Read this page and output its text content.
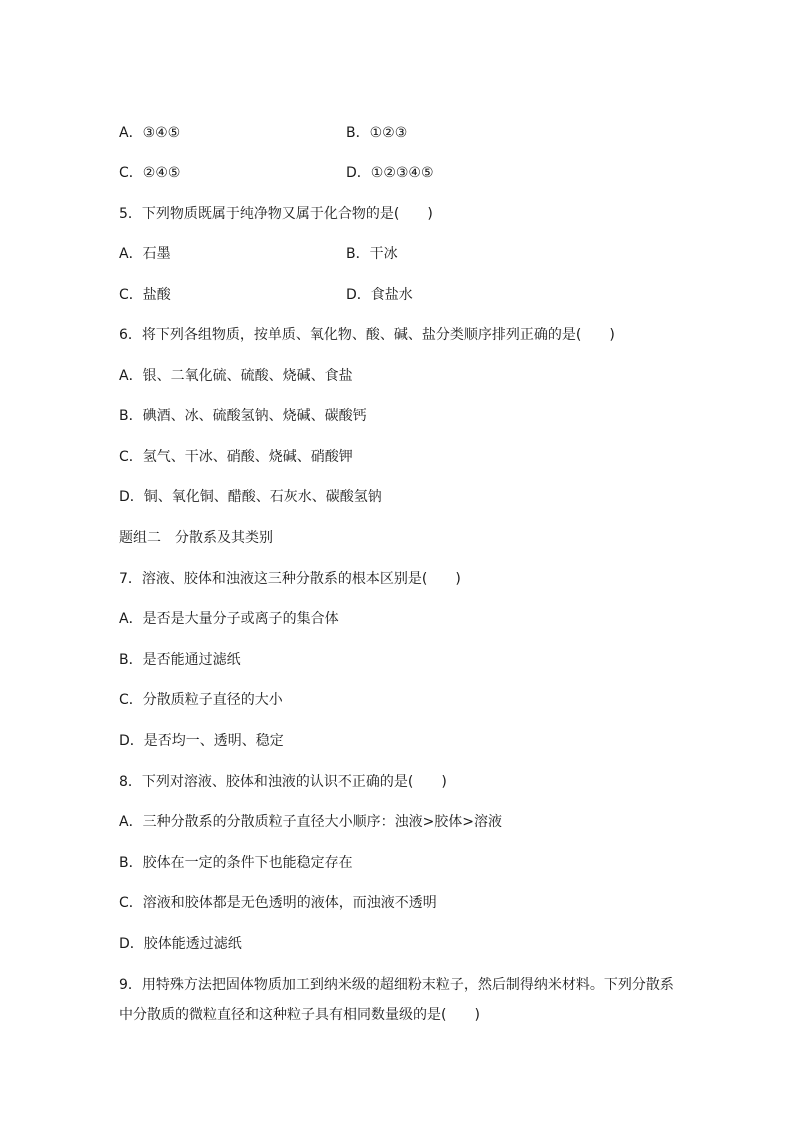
A．③④⑤	B．①②③
C．②④⑤	D．①②③④⑤
5．下列物质既属于纯净物又属于化合物的是(　　)
A．石墨	B．干冰
C．盐酸	D．食盐水
6．将下列各组物质，按单质、氧化物、酸、碱、盐分类顺序排列正确的是(　　)
A．银、二氧化硫、硫酸、烧碱、食盐
B．碘酒、冰、硫酸氢钠、烧碱、碳酸钙
C．氢气、干冰、硝酸、烧碱、硝酸钾
D．铜、氧化铜、醋酸、石灰水、碳酸氢钠
题组二　分散系及其类别
7．溶液、胶体和浊液这三种分散系的根本区别是(　　)
A．是否是大量分子或离子的集合体
B．是否能通过滤纸
C．分散质粒子直径的大小
D．是否均一、透明、稳定
8．下列对溶液、胶体和浊液的认识不正确的是(　　)
A．三种分散系的分散质粒子直径大小顺序：浊液>胶体>溶液
B．胶体在一定的条件下也能稳定存在
C．溶液和胶体都是无色透明的液体，而浊液不透明
D．胶体能透过滤纸
9．用特殊方法把固体物质加工到纳米级的超细粉末粒子，然后制得纳米材料。下列分散系中分散质的微粒直径和这种粒子具有相同数量级的是(　　)
